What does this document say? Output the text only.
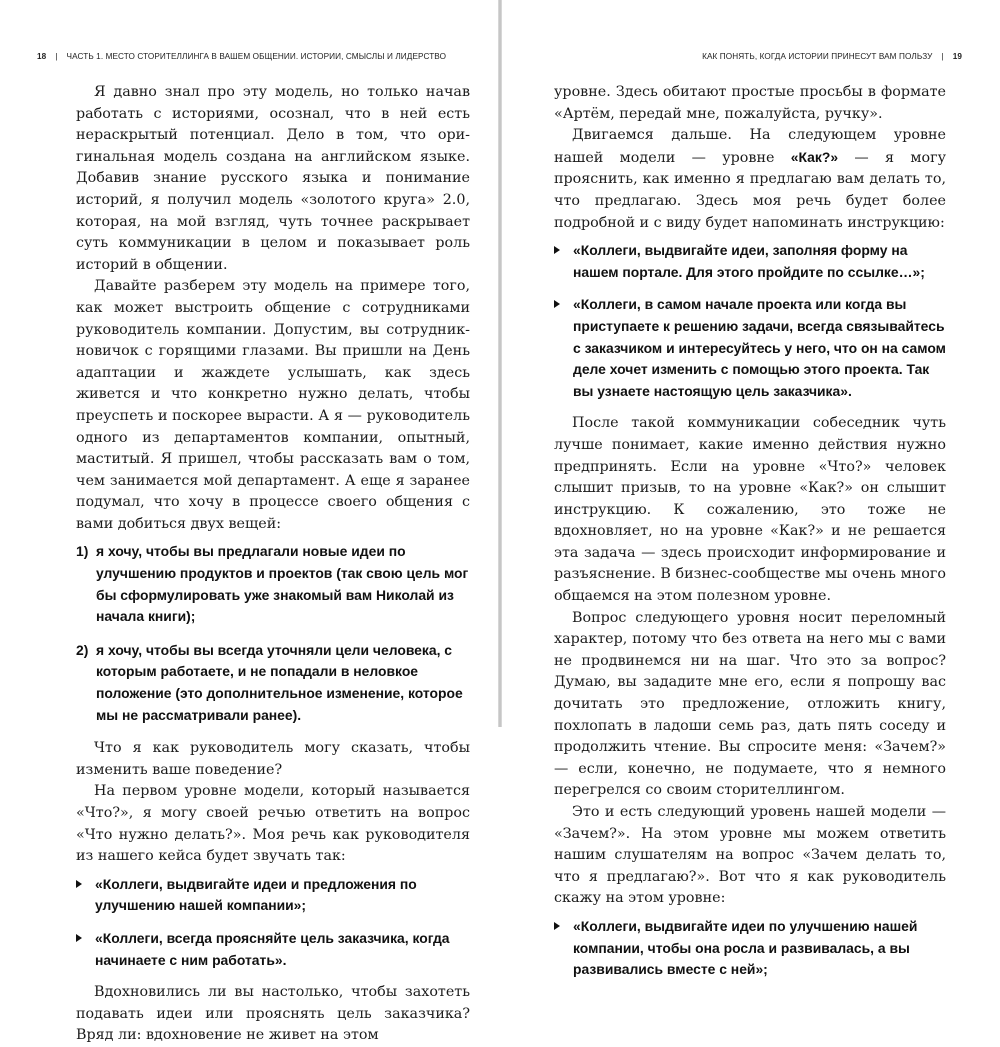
18 | ЧАСТЬ 1. МЕСТО СТОРИТЕЛЛИНГА В ВАШЕМ ОБЩЕНИИ. ИСТОРИИ, СМЫСЛЫ И ЛИДЕРСТВО

Я давно знал про эту модель, но только начав работать с историями, осознал, что в ней есть нераскрытый потенциал. Дело в том, что оригинальная модель создана на английском языке. Добавив знание русского языка и понимание историй, я получил модель «золотого круга» 2.0, которая, на мой взгляд, чуть точнее раскрывает суть коммуникации в целом и показывает роль историй в общении.

Давайте разберем эту модель на примере того, как может выстроить общение с сотрудниками руководитель компании. Допустим, вы сотрудник-новичок с горящими глазами. Вы пришли на День адаптации и жаждете услышать, как здесь живется и что конкретно нужно делать, чтобы преуспеть и поскорее вырасти. А я — руководитель одного из департаментов компании, опытный, маститый. Я пришел, чтобы рассказать вам о том, чем занимается мой департамент. А еще я заранее подумал, что хочу в процессе своего общения с вами добиться двух вещей:

1) я хочу, чтобы вы предлагали новые идеи по улучшению продуктов и проектов (так свою цель мог бы сформулировать уже знакомый вам Николай из начала книги);
2) я хочу, чтобы вы всегда уточняли цели человека, с которым работаете, и не попадали в неловкое положение (это дополнительное изменение, которое мы не рассматривали ранее).

Что я как руководитель могу сказать, чтобы изменить ваше поведение?

На первом уровне модели, который называется «Что?», я могу своей речью ответить на вопрос «Что нужно делать?». Моя речь как руководителя из нашего кейса будет звучать так:

«Коллеги, выдвигайте идеи и предложения по улучшению нашей компании»;
«Коллеги, всегда проясняйте цель заказчика, когда начинаете с ним работать».

Вдохновились ли вы настолько, чтобы захотеть подавать идеи или прояснять цель заказчика? Вряд ли: вдохновение не живет на этом

КАК ПОНЯТЬ, КОГДА ИСТОРИИ ПРИНЕСУТ ВАМ ПОЛЬЗУ | 19

уровне. Здесь обитают простые просьбы в формате «Артём, передай мне, пожалуйста, ручку».

Двигаемся дальше. На следующем уровне нашей модели — уровне «Как?» — я могу прояснить, как именно я предлагаю вам делать то, что предлагаю. Здесь моя речь будет более подробной и с виду будет напоминать инструкцию:

«Коллеги, выдвигайте идеи, заполняя форму на нашем портале. Для этого пройдите по ссылке…»;
«Коллеги, в самом начале проекта или когда вы приступаете к решению задачи, всегда связывайтесь с заказчиком и интересуйтесь у него, что он на самом деле хочет изменить с помощью этого проекта. Так вы узнаете настоящую цель заказчика».

После такой коммуникации собеседник чуть лучше понимает, какие именно действия нужно предпринять. Если на уровне «Что?» человек слышит призыв, то на уровне «Как?» он слышит инструкцию. К сожалению, это тоже не вдохновляет, но на уровне «Как?» и не решается эта задача — здесь происходит информирование и разъяснение. В бизнес-сообществе мы очень много общаемся на этом полезном уровне.

Вопрос следующего уровня носит переломный характер, потому что без ответа на него мы с вами не продвинемся ни на шаг. Что это за вопрос? Думаю, вы зададите мне его, если я попрошу вас дочитать это предложение, отложить книгу, похлопать в ладоши семь раз, дать пять соседу и продолжить чтение. Вы спросите меня: «Зачем?» — если, конечно, не подумаете, что я немного перегрелся со своим сторителлингом.

Это и есть следующий уровень нашей модели — «Зачем?». На этом уровне мы можем ответить нашим слушателям на вопрос «Зачем делать то, что я предлагаю?». Вот что я как руководитель скажу на этом уровне:

«Коллеги, выдвигайте идеи по улучшению нашей компании, чтобы она росла и развивалась, а вы развивались вместе с ней»;
